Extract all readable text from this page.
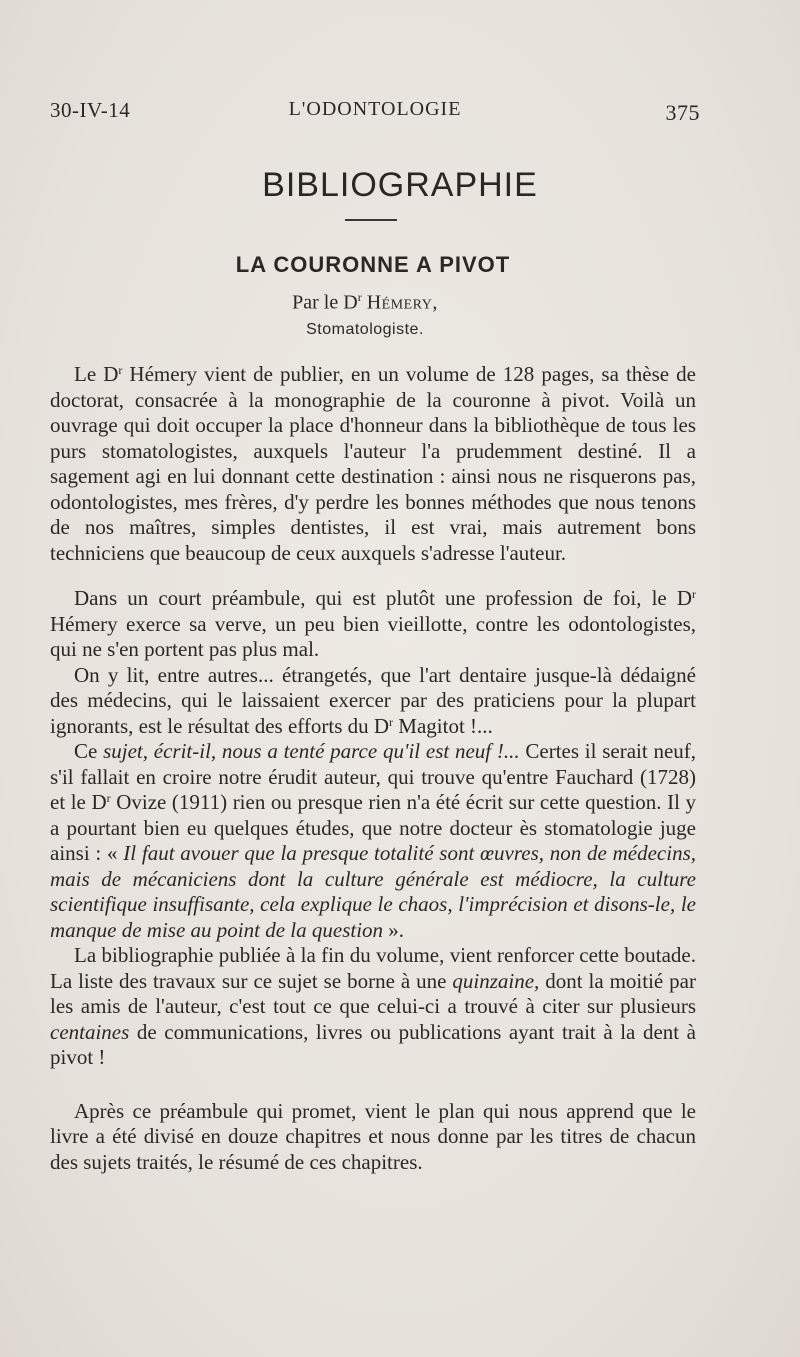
30-IV-14	L'ODONTOLOGIE	375
BIBLIOGRAPHIE
LA COURONNE A PIVOT
Par le $D^r$ Hémery,
Stomatologiste.

Le $D^r$ Hémery vient de publier, en un volume de 128 pages, sa thèse de doctorat, consacrée à la monographie de la couronne à pivot. Voilà un ouvrage qui doit occuper la place d'honneur dans la bibliothèque de tous les purs stomatologistes, auxquels l'auteur l'a prudemment destiné. Il a sagement agi en lui donnant cette destination : ainsi nous ne risquerons pas, odontologistes, mes frères, d'y perdre les bonnes méthodes que nous tenons de nos maîtres, simples dentistes, il est vrai, mais autrement bons techniciens que beaucoup de ceux auxquels s'adresse l'auteur.

Dans un court préambule, qui est plutôt une profession de foi, le $D^r$ Hémery exerce sa verve, un peu bien vieillotte, contre les odontologistes, qui ne s'en portent pas plus mal.

On y lit, entre autres... étrangetés, que l'art dentaire jusque-là dédaigné des médecins, qui le laissaient exercer par des praticiens pour la plupart ignorants, est le résultat des efforts du $D^r$ Magitot !...

Ce sujet, écrit-il, nous a tenté parce qu'il est neuf !... Certes il serait neuf, s'il fallait en croire notre érudit auteur, qui trouve qu'entre Fauchard (1728) et le $D^r$ Ovize (1911) rien ou presque rien n'a été écrit sur cette question. Il y a pourtant bien eu quelques études, que notre docteur ès stomatologie juge ainsi : « Il faut avouer que la presque totalité sont œuvres, non de médecins, mais de mécaniciens dont la culture générale est médiocre, la culture scientifique insuffisante, cela explique le chaos, l'imprécision et disons-le, le manque de mise au point de la question ».

La bibliographie publiée à la fin du volume, vient renforcer cette boutade. La liste des travaux sur ce sujet se borne à une quinzaine, dont la moitié par les amis de l'auteur, c'est tout ce que celui-ci a trouvé à citer sur plusieurs centaines de communications, livres ou publications ayant trait à la dent à pivot !

Après ce préambule qui promet, vient le plan qui nous apprend que le livre a été divisé en douze chapitres et nous donne par les titres de chacun des sujets traités, le résumé de ces chapitres.
